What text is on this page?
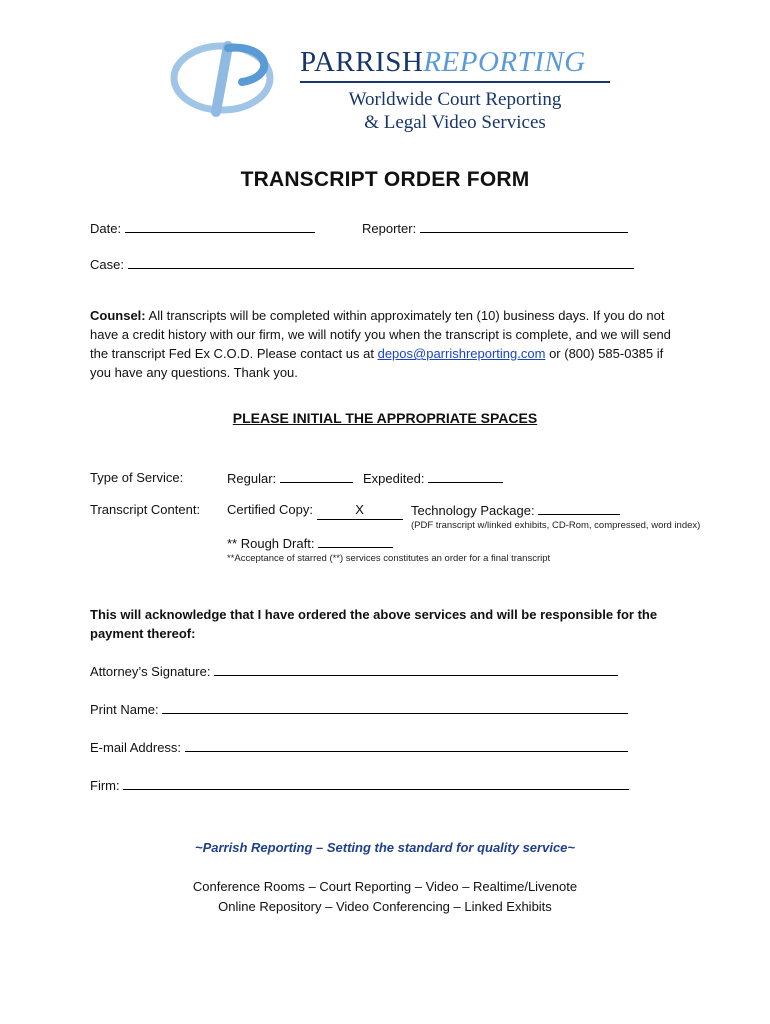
PARRISHREPORTING
Worldwide Court Reporting
& Legal Video Services
TRANSCRIPT ORDER FORM
Date:	Reporter:
Case:
Counsel: All transcripts will be completed within approximately ten (10) business days. If you do not have a credit history with our firm, we will notify you when the transcript is complete, and we will send the transcript Fed Ex C.O.D. Please contact us at depos@parrishreporting.com or (800) 585-0385 if you have any questions. Thank you.
PLEASE INITIAL THE APPROPRIATE SPACES
Type of Service:	Regular:	Expedited:
Transcript Content: Certified Copy:	X	Technology Package:
(PDF transcript w/linked exhibits, CD-Rom, compressed, word index)
** Rough Draft:
**Acceptance of starred (**) services constitutes an order for a final transcript
This will acknowledge that I have ordered the above services and will be responsible for the payment thereof:
Attorney’s Signature:
Print Name:
E-mail Address:
Firm:
~Parrish Reporting – Setting the standard for quality service~
Conference Rooms – Court Reporting – Video – Realtime/Livenote
Online Repository – Video Conferencing – Linked Exhibits
